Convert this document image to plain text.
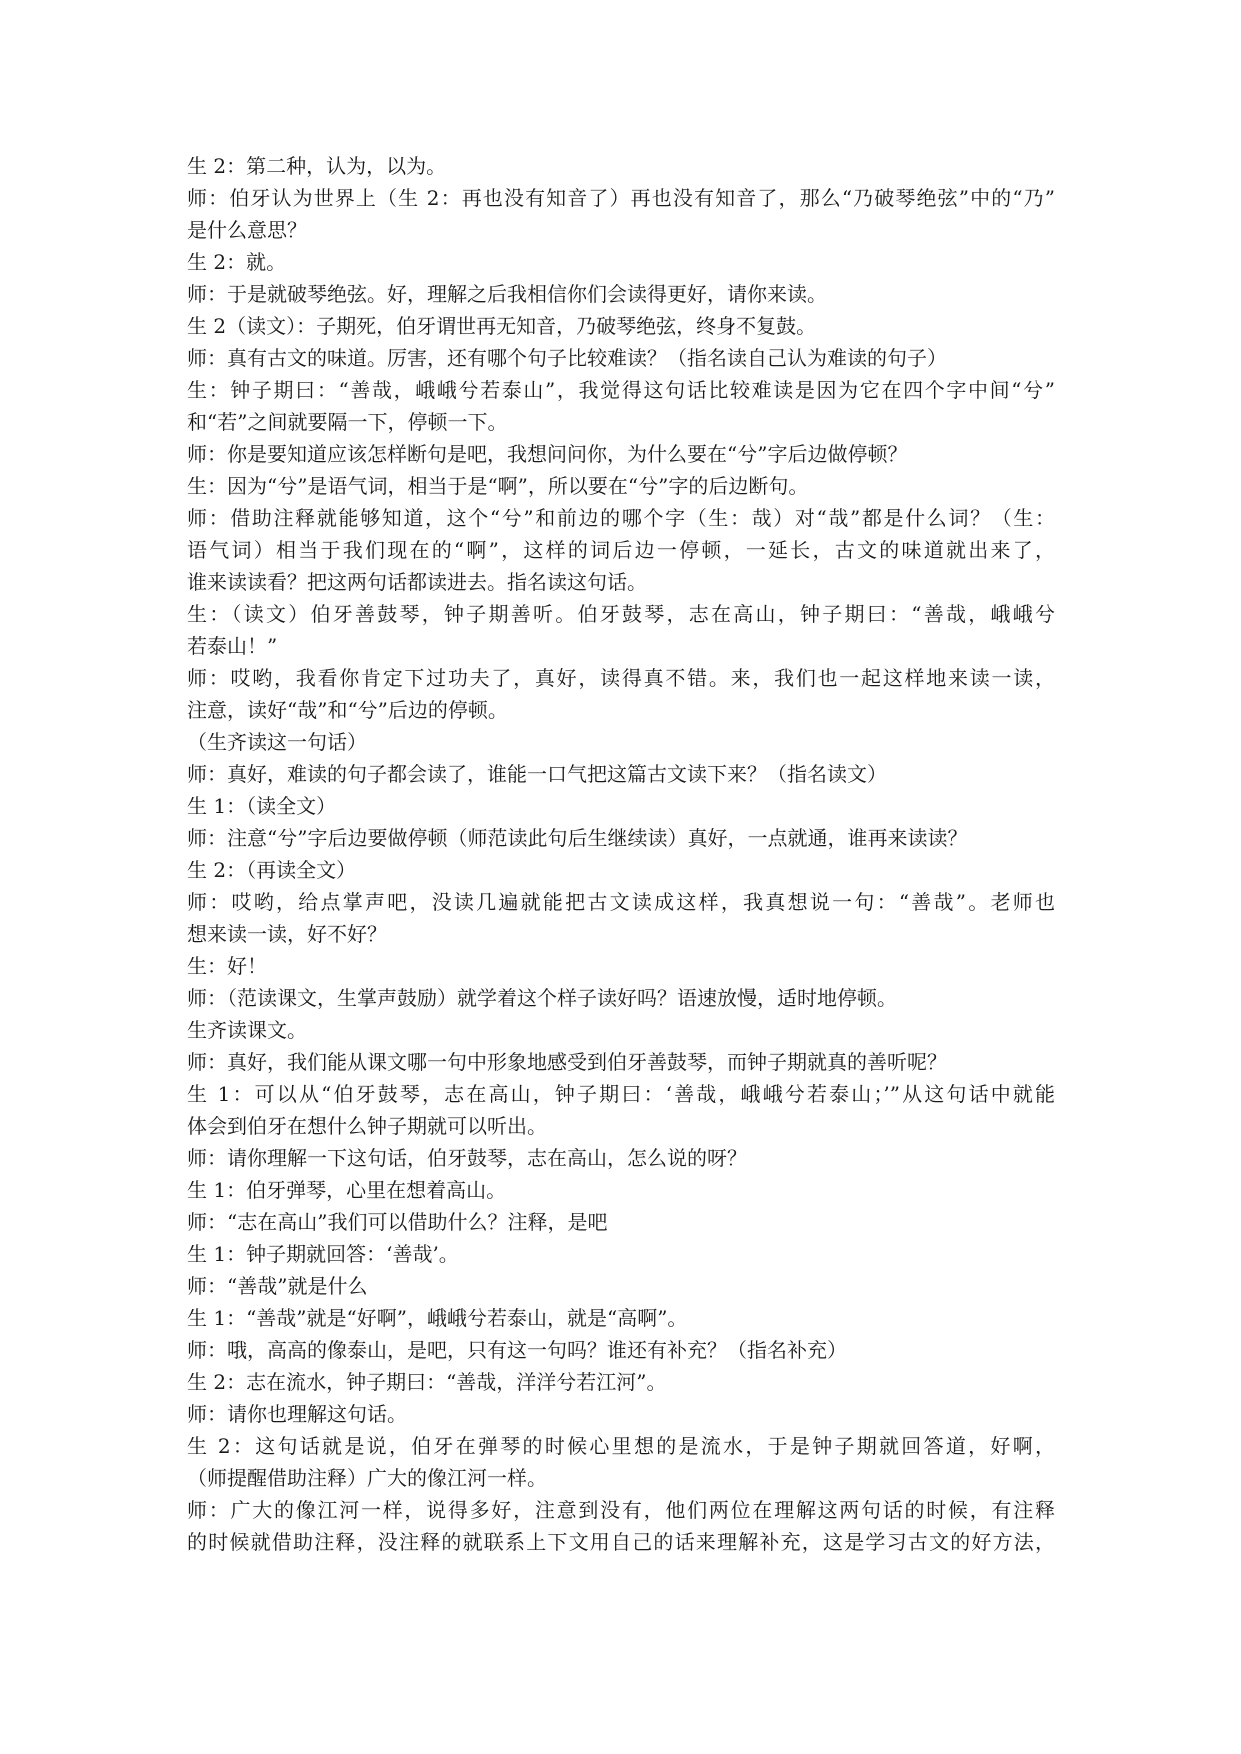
生 2：第二种，认为，以为。
师：伯牙认为世界上（生 2：再也没有知音了）再也没有知音了，那么“乃破琴绝弦”中的“乃”
是什么意思？
生 2：就。
师：于是就破琴绝弦。好，理解之后我相信你们会读得更好，请你来读。
生 2（读文）：子期死，伯牙谓世再无知音，乃破琴绝弦，终身不复鼓。
师：真有古文的味道。厉害，还有哪个句子比较难读？（指名读自己认为难读的句子）
生：钟子期曰：“善哉，峨峨兮若泰山”，我觉得这句话比较难读是因为它在四个字中间“兮”
和“若”之间就要隔一下，停顿一下。
师：你是要知道应该怎样断句是吧，我想问问你，为什么要在“兮”字后边做停顿？
生：因为“兮”是语气词，相当于是“啊”，所以要在“兮”字的后边断句。
师：借助注释就能够知道，这个“兮”和前边的哪个字（生：哉）对“哉”都是什么词？（生：
语气词）相当于我们现在的“啊”，这样的词后边一停顿，一延长，古文的味道就出来了，
谁来读读看？把这两句话都读进去。指名读这句话。
生：（读文）伯牙善鼓琴，钟子期善听。伯牙鼓琴，志在高山，钟子期曰：“善哉，峨峨兮
若泰山！”
师：哎哟，我看你肯定下过功夫了，真好，读得真不错。来，我们也一起这样地来读一读，
注意，读好“哉”和“兮”后边的停顿。
（生齐读这一句话）
师：真好，难读的句子都会读了，谁能一口气把这篇古文读下来？（指名读文）
生 1：（读全文）
师：注意“兮”字后边要做停顿（师范读此句后生继续读）真好，一点就通，谁再来读读？
生 2：（再读全文）
师：哎哟，给点掌声吧，没读几遍就能把古文读成这样，我真想说一句：“善哉”。老师也
想来读一读，好不好？
生：好！
师：（范读课文，生掌声鼓励）就学着这个样子读好吗？语速放慢，适时地停顿。
生齐读课文。
师：真好，我们能从课文哪一句中形象地感受到伯牙善鼓琴，而钟子期就真的善听呢？
生 1：可以从“伯牙鼓琴，志在高山，钟子期曰：‘善哉，峨峨兮若泰山；’”从这句话中就能
体会到伯牙在想什么钟子期就可以听出。
师：请你理解一下这句话，伯牙鼓琴，志在高山，怎么说的呀？
生 1：伯牙弹琴，心里在想着高山。
师：“志在高山”我们可以借助什么？注释，是吧
生 1：钟子期就回答：‘善哉’。
师：“善哉”就是什么
生 1：“善哉”就是“好啊”，峨峨兮若泰山，就是“高啊”。
师：哦，高高的像泰山，是吧，只有这一句吗？谁还有补充？（指名补充）
生 2：志在流水，钟子期曰：“善哉，洋洋兮若江河”。
师：请你也理解这句话。
生 2：这句话就是说，伯牙在弹琴的时候心里想的是流水，于是钟子期就回答道，好啊，
（师提醒借助注释）广大的像江河一样。
师：广大的像江河一样，说得多好，注意到没有，他们两位在理解这两句话的时候，有注释
的时候就借助注释，没注释的就联系上下文用自己的话来理解补充，这是学习古文的好方法，
